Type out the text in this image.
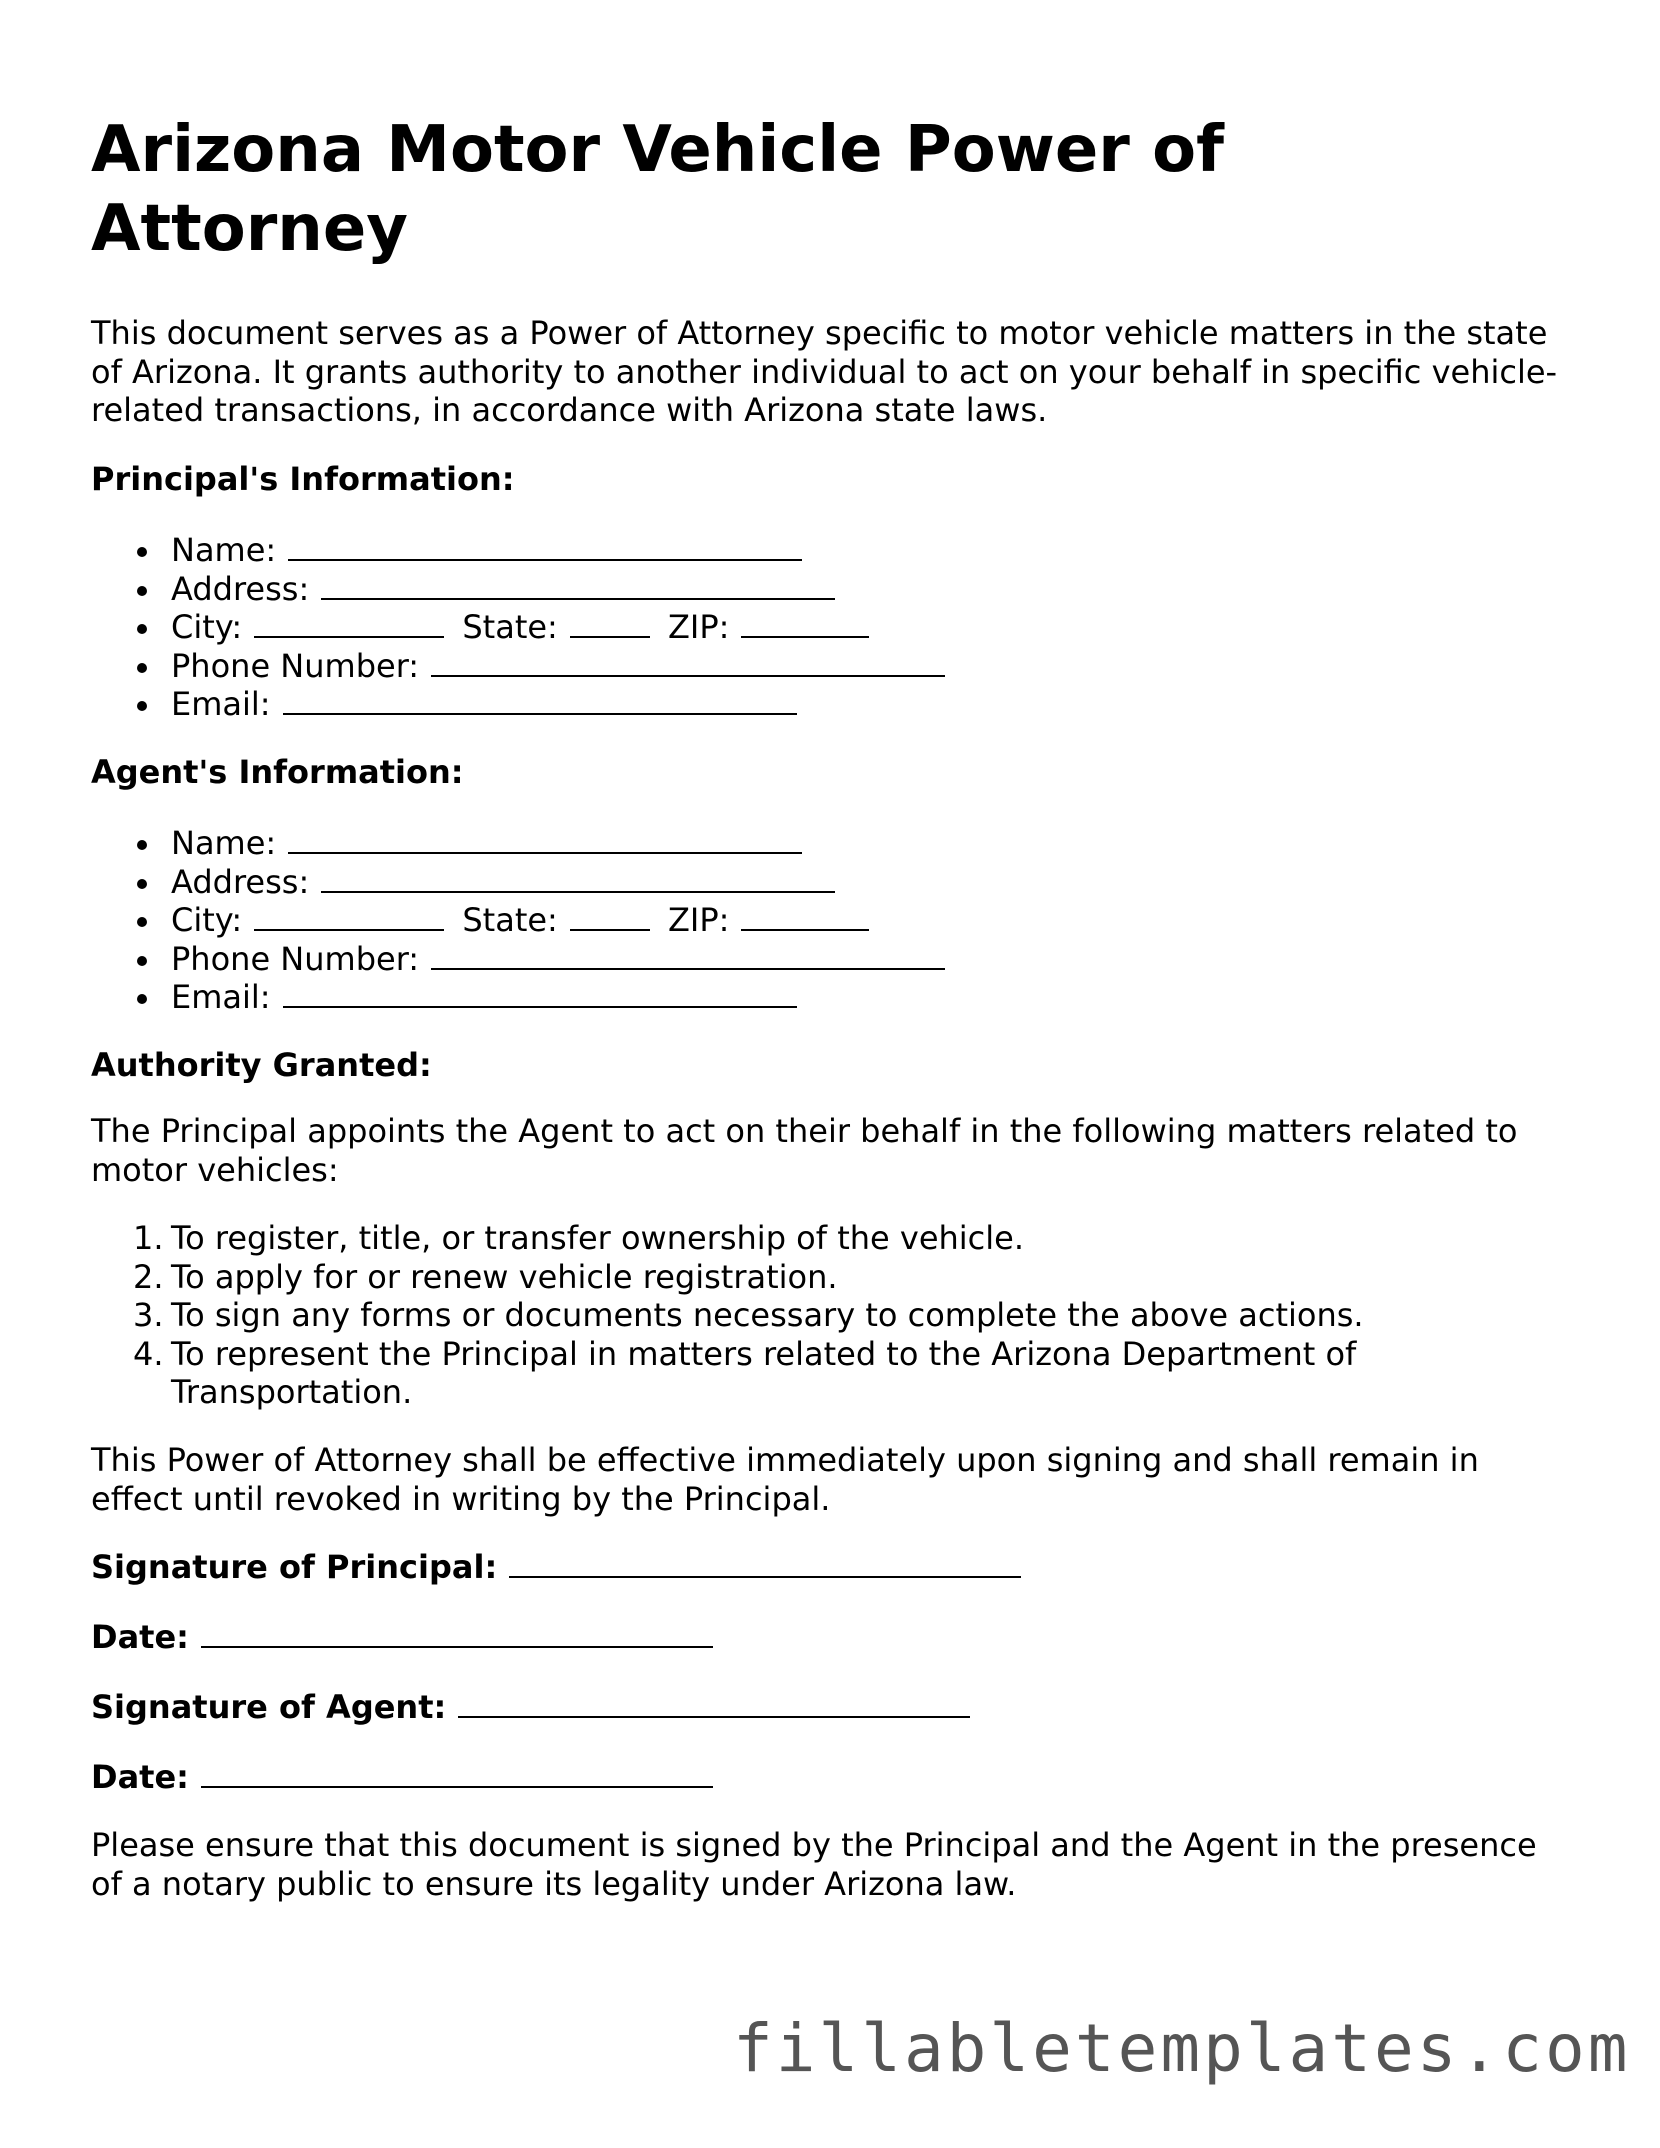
Arizona Motor Vehicle Power of Attorney

This document serves as a Power of Attorney specific to motor vehicle matters in the state of Arizona. It grants authority to another individual to act on your behalf in specific vehicle-related transactions, in accordance with Arizona state laws.

Principal's Information:

Name:
Address:
City:	State:	ZIP:
Phone Number:
Email:

Agent's Information:

Name:
Address:
City:	State:	ZIP:
Phone Number:
Email:

Authority Granted:

The Principal appoints the Agent to act on their behalf in the following matters related to motor vehicles:

1. To register, title, or transfer ownership of the vehicle.
2. To apply for or renew vehicle registration.
3. To sign any forms or documents necessary to complete the above actions.
4. To represent the Principal in matters related to the Arizona Department of Transportation.

This Power of Attorney shall be effective immediately upon signing and shall remain in effect until revoked in writing by the Principal.

Signature of Principal:

Date:

Signature of Agent:

Date:

Please ensure that this document is signed by the Principal and the Agent in the presence of a notary public to ensure its legality under Arizona law.

fillabletemplates.com
